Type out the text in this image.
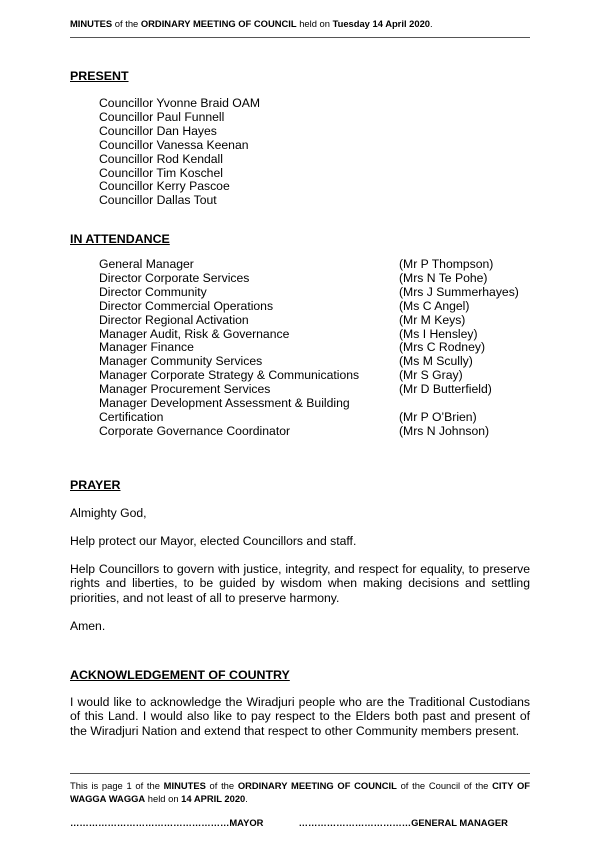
MINUTES of the ORDINARY MEETING OF COUNCIL held on Tuesday 14 April 2020.
PRESENT
Councillor Yvonne Braid OAM
Councillor Paul Funnell
Councillor Dan Hayes
Councillor Vanessa Keenan
Councillor Rod Kendall
Councillor Tim Koschel
Councillor Kerry Pascoe
Councillor Dallas Tout
IN ATTENDANCE
General Manager	(Mr P Thompson)
Director Corporate Services	(Mrs N Te Pohe)
Director Community	(Mrs J Summerhayes)
Director Commercial Operations	(Ms C Angel)
Director Regional Activation	(Mr M Keys)
Manager Audit, Risk & Governance	(Ms I Hensley)
Manager Finance	(Mrs C Rodney)
Manager Community Services	(Ms M Scully)
Manager Corporate Strategy & Communications	(Mr S Gray)
Manager Procurement Services	(Mr D Butterfield)
Manager Development Assessment & Building
Certification	(Mr P O’Brien)
Corporate Governance Coordinator	(Mrs N Johnson)
PRAYER
Almighty God,
Help protect our Mayor, elected Councillors and staff.
Help Councillors to govern with justice, integrity, and respect for equality, to preserve rights and liberties, to be guided by wisdom when making decisions and settling priorities, and not least of all to preserve harmony.
Amen.
ACKNOWLEDGEMENT OF COUNTRY
I would like to acknowledge the Wiradjuri people who are the Traditional Custodians of this Land. I would also like to pay respect to the Elders both past and present of the Wiradjuri Nation and extend that respect to other Community members present.
This is page 1 of the MINUTES of the ORDINARY MEETING OF COUNCIL of the Council of the CITY OF WAGGA WAGGA held on 14 APRIL 2020.
……………………………………………MAYOR	………………………………GENERAL MANAGER
